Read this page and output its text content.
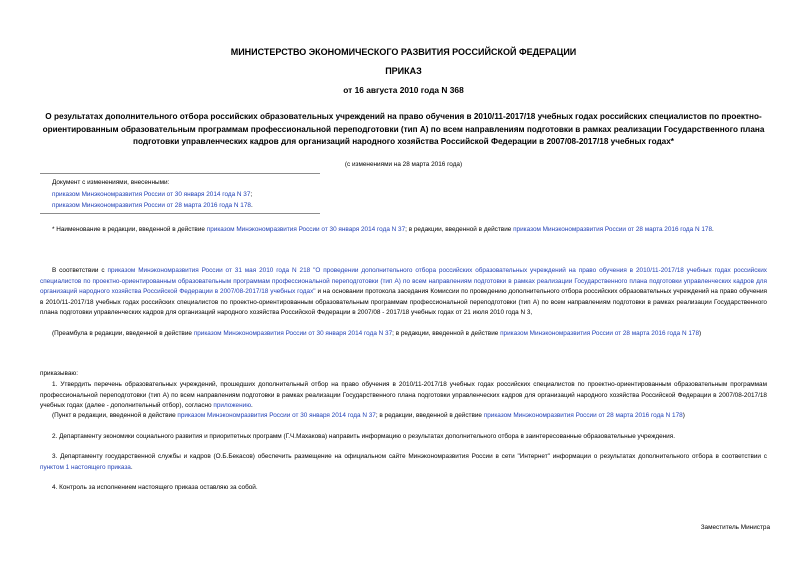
МИНИСТЕРСТВО ЭКОНОМИЧЕСКОГО РАЗВИТИЯ РОССИЙСКОЙ ФЕДЕРАЦИИ
ПРИКАЗ
от 16 августа 2010 года N 368
О результатах дополнительного отбора российских образовательных учреждений на право обучения в 2010/11-2017/18 учебных годах российских специалистов по проектно-ориентированным образовательным программам профессиональной переподготовки (тип А) по всем направлениям подготовки в рамках реализации Государственного плана подготовки управленческих кадров для организаций народного хозяйства Российской Федерации в 2007/08-2017/18 учебных годах*
(с изменениями на 28 марта 2016 года)
Документ с изменениями, внесенными:
приказом Минэкономразвития России от 30 января 2014 года N 37;
приказом Минэкономразвития России от 28 марта 2016 года N 178.
* Наименование в редакции, введенной в действие приказом Минэкономразвития России от 30 января 2014 года N 37; в редакции, введенной в действие приказом Минэкономразвития России от 28 марта 2016 года N 178.
В соответствии с приказом Минэкономразвития России от 31 мая 2010 года N 218 "О проведении дополнительного отбора российских образовательных учреждений на право обучения в 2010/11-2017/18 учебных годах российских специалистов по проектно-ориентированным образовательным программам профессиональной переподготовки (тип А) по всем направлениям подготовки в рамках реализации Государственного плана подготовки управленческих кадров для организаций народного хозяйства Российской Федерации в 2007/08-2017/18 учебных годах" и на основании протокола заседания Комиссии по проведению дополнительного отбора российских образовательных учреждений на право обучения в 2010/11-2017/18 учебных годах российских специалистов по проектно-ориентированным образовательным программам профессиональной переподготовки (тип А) по всем направлениям подготовки в рамках реализации Государственного плана подготовки управленческих кадров для организаций народного хозяйства Российской Федерации в 2007/08 - 2017/18 учебных годах от 21 июля 2010 года N 3,
(Преамбула в редакции, введенной в действие приказом Минэкономразвития России от 30 января 2014 года N 37; в редакции, введенной в действие приказом Минэкономразвития России от 28 марта 2016 года N 178)
приказываю:
1. Утвердить перечень образовательных учреждений, прошедших дополнительный отбор на право обучения в 2010/11-2017/18 учебных годах российских специалистов по проектно-ориентированным образовательным программам профессиональной переподготовки (тип А) по всем направлениям подготовки в рамках реализации Государственного плана подготовки управленческих кадров для организаций народного хозяйства Российской Федерации в 2007/08-2017/18 учебных годах (далее - дополнительный отбор), согласно приложению.
(Пункт в редакции, введенной в действие приказом Минэкономразвития России от 30 января 2014 года N 37; в редакции, введенной в действие приказом Минэкономразвития России от 28 марта 2016 года N 178)
2. Департаменту экономики социального развития и приоритетных программ (Г.Ч.Махакова) направить информацию о результатах дополнительного отбора в заинтересованные образовательные учреждения.
3. Департаменту государственной службы и кадров (О.Б.Бекасов) обеспечить размещение на официальном сайте Минэкономразвития России в сети "Интернет" информации о результатах дополнительного отбора в соответствии с пунктом 1 настоящего приказа.
4. Контроль за исполнением настоящего приказа оставляю за собой.
Заместитель Министра
